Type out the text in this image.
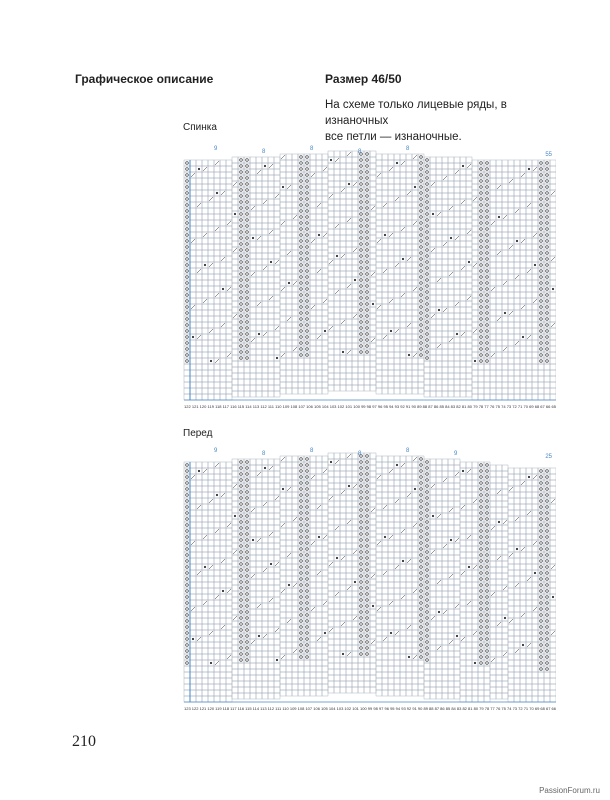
Графическое описание	Размер 46/50
На схеме только лицевые ряды, в изнаночных
все петли — изнаночные.
Спинка
55
9	8	8	8	8
122 121 120 119 118 117 116 115 114 113 112 111 110 109 108 107 106 105 104 103 102 101 100 99 98 97 96 95 94 93 92 91 90 89 88 87 86 85 84 83 82 81 80 79 78 77 76 75 74 73 72 71 70 69 68 67 66 65
Перед
25
9	8	8	8	8	9
123 122 121 120 119 118 117 116 115 114 113 112 111 110 109 108 107 106 105 104 103 102 101 100 99 98 97 96 95 94 93 92 91 90 89 88 87 86 85 84 83 82 81 80 79 78 77 76 75 74 73 72 71 70 69 68 67 66
210
PassionForum.ru
